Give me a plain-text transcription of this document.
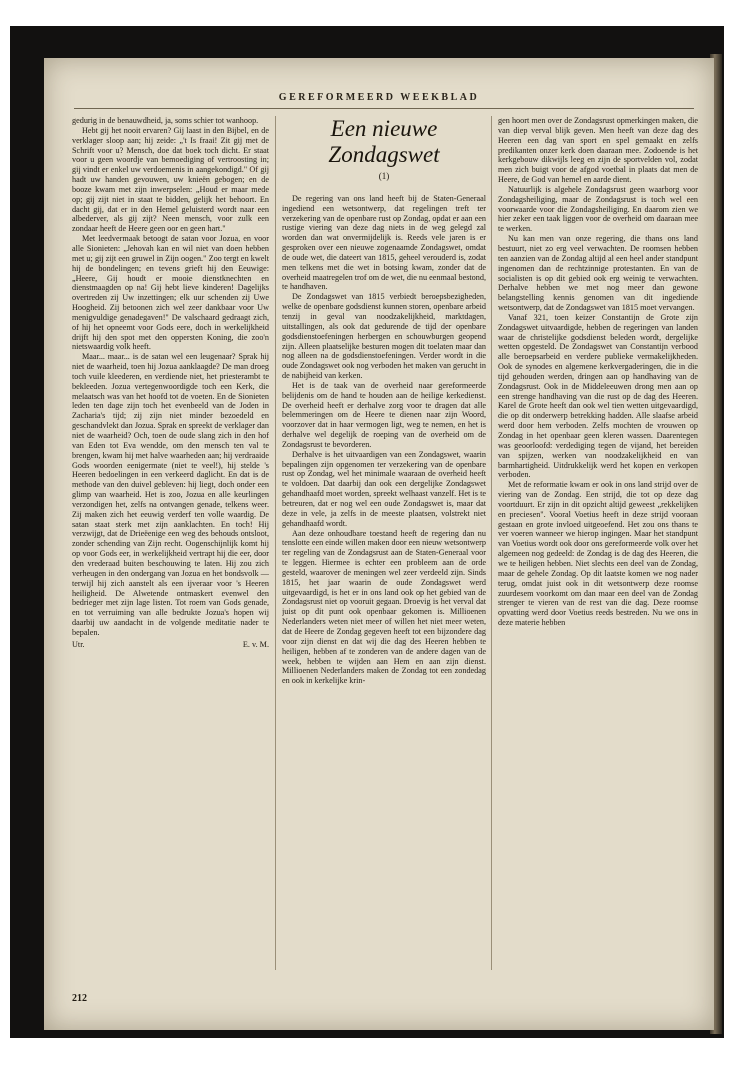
GEREFORMEERD WEEKBLAD

gedurig in de benauwdheid, ja, soms schier tot wanhoop.

Hebt gij het nooit ervaren? Gij laast in den Bijbel, en de verklager sloop aan; hij zeide: „'t Is fraai! Zit gij met de Schrift voor u? Mensch, doe dat boek toch dicht. Er staat voor u geen woordje van bemoediging of vertroosting in; gij vindt er enkel uw verdoemenis in aangekondigd." Of gij hadt uw handen gevouwen, uw knieën gebogen; en de booze kwam met zijn inwerpselen: „Houd er maar mede op; gij zijt niet in staat te bidden, gelijk het behoort. En dacht gij, dat er in den Hemel geluisterd wordt naar een albederver, als gij zijt? Neen mensch, voor zulk een zondaar heeft de Heere geen oor en geen hart."

Met leedvermaak betoogt de satan voor Jozua, en voor alle Sionieten: „Jehovah kan en wil niet van doen hebben met u; gij zijt een gruwel in Zijn oogen." Zoo tergt en kwelt hij de bondelingen; en tevens grieft hij den Eeuwige: „Heere, Gij houdt er mooie dienstknechten en dienstmaagden op na! Gij hebt lieve kinderen! Dagelijks overtreden zij Uw inzettingen; elk uur schenden zij Uwe Hoogheid. Zij betoonen zich wel zeer dankbaar voor Uw menigvuldige genadegaven!" De valschaard gedraagt zich, of hij het opneemt voor Gods eere, doch in werkelijkheid drijft hij den spot met den oppersten Koning, die zoo'n nietswaardig volk heeft.

Maar... maar... is de satan wel een leugenaar? Sprak hij niet de waarheid, toen hij Jozua aanklaagde? De man droeg toch vuile kleederen, en verdiende niet, het priesterambt te bekleeden. Jozua vertegenwoordigde toch een Kerk, die melaatsch was van het hoofd tot de voeten. En de Sionieten leden ten dage zijn toch het evenbeeld van de Joden in Zacharia's tijd; zij zijn niet minder bezoedeld en geschandvlekt dan Jozua. Sprak en spreekt de verklager dan niet de waarheid? Och, toen de oude slang zich in den hof van Eden tot Eva wendde, om den mensch ten val te brengen, kwam hij met halve waarheden aan; hij verdraaide Gods woorden eenigermate (niet te veel!), hij stelde 's Heeren bedoelingen in een verkeerd daglicht. En dat is de methode van den duivel gebleven: hij liegt, doch onder een glimp van waarheid. Het is zoo, Jozua en alle keurlingen verzondigen het, zelfs na ontvangen genade, telkens weer. Zij maken zich het eeuwig verderf ten volle waardig. De satan staat sterk met zijn aanklachten. En toch! Hij verzwijgt, dat de Drieëenige een weg des behouds ontsloot, zonder schending van Zijn recht. Oogenschijnlijk komt hij op voor Gods eer, in werkelijkheid vertrapt hij die eer, door den vrederaad buiten beschouwing te laten. Hij zou zich verheugen in den ondergang van Jozua en het bondsvolk — terwijl hij zich aanstelt als een ijveraar voor 's Heeren heiligheid. De Alwetende ontmaskert evenwel den bedrieger met zijn lage listen. Tot roem van Gods genade, en tot verruiming van alle bedrukte Jozua's hopen wij daarbij uw aandacht in de volgende meditatie nader te bepalen.

Utr.	E. v. M.
Een nieuwe Zondagswet
(1)

De regering van ons land heeft bij de Staten-Generaal ingediend een wetsontwerp, dat regelingen treft ter verzekering van de openbare rust op Zondag, opdat er aan een rustige viering van deze dag niets in de weg gelegd zal worden dan wat onvermijdelijk is. Reeds vele jaren is er gesproken over een nieuwe zogenaamde Zondagswet, omdat de oude wet, die dateert van 1815, geheel verouderd is, zodat men telkens met die wet in botsing kwam, zonder dat de overheid maatregelen trof om de wet, die nu eenmaal bestond, te handhaven.

De Zondagswet van 1815 verbiedt beroepsbezigheden, welke de openbare godsdienst kunnen storen, openbare arbeid tenzij in geval van noodzakelijkheid, marktdagen, uitstallingen, als ook dat gedurende de tijd der openbare godsdienstoefeningen herbergen en schouwburgen geopend zijn. Alleen plaatselijke besturen mogen dit toelaten maar dan nog alleen na de godsdienstoefeningen. Verder wordt in die oude Zondagswet ook nog verboden het maken van gerucht in de nabijheid van kerken.

Het is de taak van de overheid naar gereformeerde belijdenis om de hand te houden aan de heilige kerkedienst. De overheid heeft er derhalve zorg voor te dragen dat alle belemmeringen om de Heere te dienen naar zijn Woord, voorzover dat in haar vermogen ligt, weg te nemen, en het is derhalve wel degelijk de roeping van de overheid om de Zondagsrust te bevorderen.

Derhalve is het uitvaardigen van een Zondagswet, waarin bepalingen zijn opgenomen ter verzekering van de openbare rust op Zondag, wel het minimale waaraan de overheid heeft te voldoen. Dat daarbij dan ook een dergelijke Zondagswet gehandhaafd moet worden, spreekt welhaast vanzelf. Het is te betreuren, dat er nog wel een oude Zondagswet is, maar dat deze in vele, ja zelfs in de meeste plaatsen, volstrekt niet gehandhaafd wordt.

Aan deze onhoudbare toestand heeft de regering dan nu tenslotte een einde willen maken door een nieuw wetsontwerp ter regeling van de Zondagsrust aan de Staten-Generaal voor te leggen. Hiermee is echter een probleem aan de orde gesteld, waarover de meningen wel zeer verdeeld zijn. Sinds 1815, het jaar waarin de oude Zondagswet werd uitgevaardigd, is het er in ons land ook op het gebied van de Zondagsrust niet op vooruit gegaan. Droevig is het verval dat juist op dit punt ook openbaar gekomen is. Millioenen Nederlanders weten niet meer of willen het niet meer weten, dat de Heere de Zondag gegeven heeft tot een bijzondere dag voor zijn dienst en dat wij die dag des Heeren hebben te heiligen, hebben af te zonderen van de andere dagen van de week, hebben te wijden aan Hem en aan zijn dienst. Millioenen Nederlanders maken de Zondag tot een zondedag en ook in kerkelijke krin-

gen hoort men over de Zondagsrust opmerkingen maken, die van diep verval blijk geven. Men heeft van deze dag des Heeren een dag van sport en spel gemaakt en zelfs predikanten onzer kerk doen daaraan mee. Zodoende is het kerkgebouw dikwijls leeg en zijn de sportvelden vol, zodat men zich buigt voor de afgod voetbal in plaats dat men de Heere, de God van hemel en aarde dient.

Natuurlijk is algehele Zondagsrust geen waarborg voor Zondagsheiliging, maar de Zondagsrust is toch wel een voorwaarde voor die Zondagsheiliging. En daarom zien we hier zeker een taak liggen voor de overheid om daaraan mee te werken.

Nu kan men van onze regering, die thans ons land bestuurt, niet zo erg veel verwachten. De roomsen hebben ten aanzien van de Zondag altijd al een heel ander standpunt ingenomen dan de rechtzinnige protestanten. En van de socialisten is op dit gebied ook erg weinig te verwachten. Derhalve hebben we met nog meer dan gewone belangstelling kennis genomen van dit ingediende wetsontwerp, dat de Zondagswet van 1815 moet vervangen.

Vanaf 321, toen keizer Constantijn de Grote zijn Zondagswet uitvaardigde, hebben de regeringen van landen waar de christelijke godsdienst beleden wordt, dergelijke wetten opgesteld. De Zondagswet van Constantijn verbood alle beroepsarbeid en verdere publieke vermakelijkheden. Ook de synodes en algemene kerkvergaderingen, die in die tijd gehouden werden, dringen aan op handhaving van de Zondagsrust. Ook in de Middeleeuwen drong men aan op een strenge handhaving van die rust op de dag des Heeren. Karel de Grote heeft dan ook wel tien wetten uitgevaardigd, die op dit onderwerp betrekking hadden. Alle slaafse arbeid werd door hem verboden. Zelfs mochten de vrouwen op Zondag in het openbaar geen kleren wassen. Daarentegen was geoorloofd: verdediging tegen de vijand, het bereiden van spijzen, werken van noodzakelijkheid en van barmhartigheid. Uitdrukkelijk werd het kopen en verkopen verboden.

Met de reformatie kwam er ook in ons land strijd over de viering van de Zondag. Een strijd, die tot op deze dag voortduurt. Er zijn in dit opzicht altijd geweest „rekkelijken en preciesen". Vooral Voetius heeft in deze strijd vooraan gestaan en grote invloed uitgeoefend. Het zou ons thans te ver voeren wanneer we hierop ingingen. Maar het standpunt van Voetius wordt ook door ons gereformeerde volk over het algemeen nog gedeeld: de Zondag is de dag des Heeren, die we te heiligen hebben. Niet slechts een deel van de Zondag, maar de gehele Zondag. Op dit laatste komen we nog nader terug, omdat juist ook in dit wetsontwerp deze roomse zuurdesem voorkomt om dan maar een deel van de Zondag strenger te vieren van de rest van die dag. Deze roomse opvatting werd door Voetius reeds bestreden. Nu we ons in deze materie hebben

212
